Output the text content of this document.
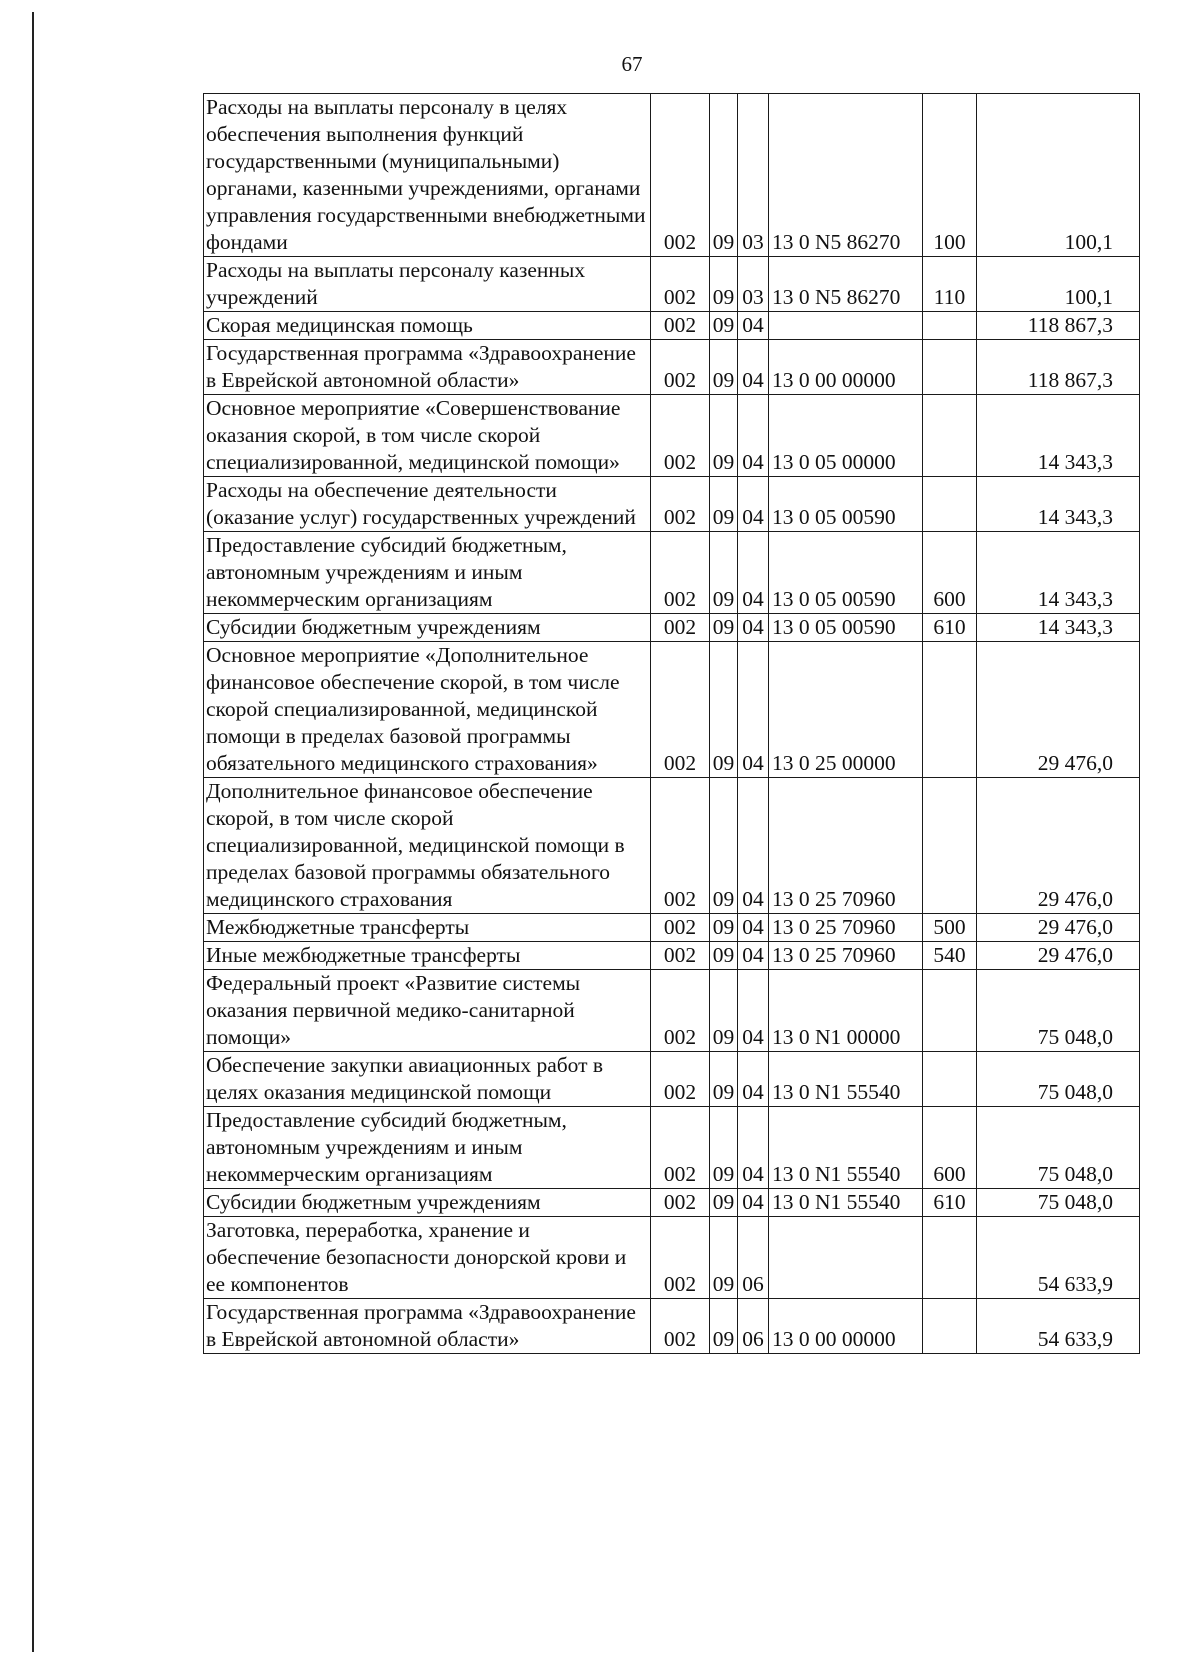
67
Расходы на выплаты персоналу в целях обеспечения выполнения функций государственными (муниципальными) органами, казенными учреждениями, органами управления государственными внебюджетными фондами	002	09	03	13 0 N5 86270	100	100,1
Расходы на выплаты персоналу казенных учреждений	002	09	03	13 0 N5 86270	110	100,1
Скорая медицинская помощь	002	09	04			118 867,3
Государственная программа «Здравоохранение в Еврейской автономной области»	002	09	04	13 0 00 00000		118 867,3
Основное мероприятие «Совершенствование оказания скорой, в том числе скорой специализированной, медицинской помощи»	002	09	04	13 0 05 00000		14 343,3
Расходы на обеспечение деятельности (оказание услуг) государственных учреждений	002	09	04	13 0 05 00590		14 343,3
Предоставление субсидий бюджетным, автономным учреждениям и иным некоммерческим организациям	002	09	04	13 0 05 00590	600	14 343,3
Субсидии бюджетным учреждениям	002	09	04	13 0 05 00590	610	14 343,3
Основное мероприятие «Дополнительное финансовое обеспечение скорой, в том числе скорой специализированной, медицинской помощи в пределах базовой программы обязательного медицинского страхования»	002	09	04	13 0 25 00000		29 476,0
Дополнительное финансовое обеспечение скорой, в том числе скорой специализированной, медицинской помощи в пределах базовой программы обязательного медицинского страхования	002	09	04	13 0 25 70960		29 476,0
Межбюджетные трансферты	002	09	04	13 0 25 70960	500	29 476,0
Иные межбюджетные трансферты	002	09	04	13 0 25 70960	540	29 476,0
Федеральный проект «Развитие системы оказания первичной медико-санитарной помощи»	002	09	04	13 0 N1 00000		75 048,0
Обеспечение закупки авиационных работ в целях оказания медицинской помощи	002	09	04	13 0 N1 55540		75 048,0
Предоставление субсидий бюджетным, автономным учреждениям и иным некоммерческим организациям	002	09	04	13 0 N1 55540	600	75 048,0
Субсидии бюджетным учреждениям	002	09	04	13 0 N1 55540	610	75 048,0
Заготовка, переработка, хранение и обеспечение безопасности донорской крови и ее компонентов	002	09	06			54 633,9
Государственная программа «Здравоохранение в Еврейской автономной области»	002	09	06	13 0 00 00000		54 633,9
